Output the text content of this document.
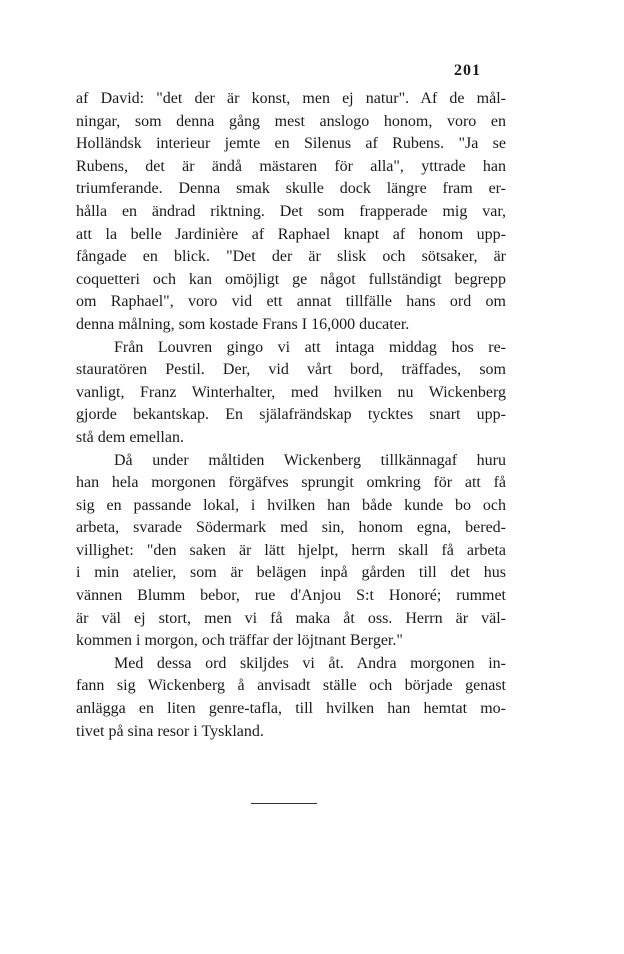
201
af David: "det der är konst, men ej natur". Af de mål-
ningar, som denna gång mest anslogo honom, voro en
Holländsk interieur jemte en Silenus af Rubens. "Ja se
Rubens, det är ändå mästaren för alla", yttrade han
triumferande. Denna smak skulle dock längre fram er-
hålla en ändrad riktning. Det som frapperade mig var,
att la belle Jardinière af Raphael knapt af honom upp-
fångade en blick. "Det der är slisk och sötsaker, är
coquetteri och kan omöjligt ge något fullständigt begrepp
om Raphael", voro vid ett annat tillfälle hans ord om
denna målning, som kostade Frans I 16,000 ducater.
Från Louvren gingo vi att intaga middag hos re-
stauratören Pestil. Der, vid vårt bord, träffades, som
vanligt, Franz Winterhalter, med hvilken nu Wickenberg
gjorde bekantskap. En själafrändskap tycktes snart upp-
stå dem emellan.
Då under måltiden Wickenberg tillkännagaf huru
han hela morgonen förgäfves sprungit omkring för att få
sig en passande lokal, i hvilken han både kunde bo och
arbeta, svarade Södermark med sin, honom egna, bered-
villighet: "den saken är lätt hjelpt, herrn skall få arbeta
i min atelier, som är belägen inpå gården till det hus
vännen Blumm bebor, rue d'Anjou S:t Honoré; rummet
är väl ej stort, men vi få maka åt oss. Herrn är väl-
kommen i morgon, och träffar der löjtnant Berger."
Med dessa ord skiljdes vi åt. Andra morgonen in-
fann sig Wickenberg å anvisadt ställe och började genast
anlägga en liten genre-tafla, till hvilken han hemtat mo-
tivet på sina resor i Tyskland.
